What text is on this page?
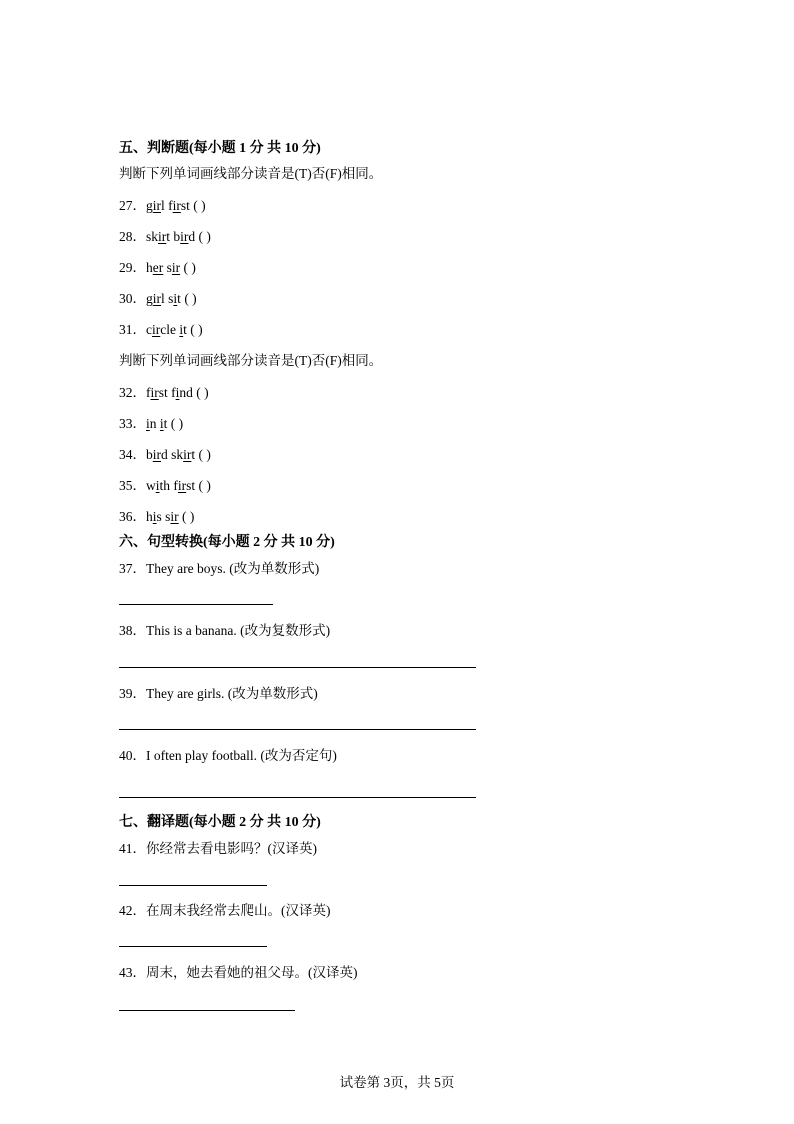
五、判断题(每小题 1 分 共 10 分)
判断下列单词画线部分读音是(T)否(F)相同。
27．girl first ( )
28．skirt bird ( )
29．her sir ( )
30．girl sit ( )
31．circle it ( )
判断下列单词画线部分读音是(T)否(F)相同。
32．first find ( )
33．in it ( )
34．bird skirt ( )
35．with first ( )
36．his sir ( )
六、句型转换(每小题 2 分 共 10 分)
37．They are boys. (改为单数形式)
38．This is a banana. (改为复数形式)
39．They are girls. (改为单数形式)
40．I often play football. (改为否定句)
七、翻译题(每小题 2 分 共 10 分)
41．你经常去看电影吗？(汉译英)
42．在周末我经常去爬山。(汉译英)
43．周末，她去看她的祖父母。(汉译英)
试卷第 3页，共 5页
